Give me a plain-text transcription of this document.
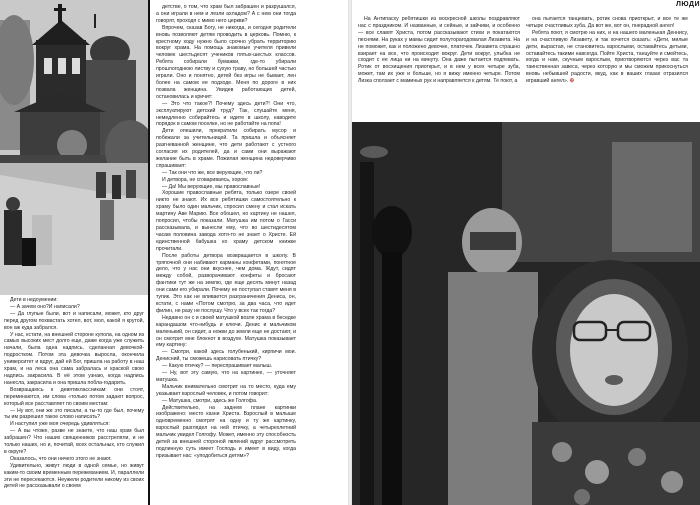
Дети в недоумении:

— А зачем оно?И написали?

— Да глупые были, вот и написали, может, кто друг перед другом похвастать хотел, вот, мол, какой я крутой, вон аж куда забрался.

У нас, кстати, на внешней стороне купола, на одном из самых высоких мест долго еще, даже когда уже служить начали, была одна надпись, сделанная девочкой-подростком. Потом эта девочка выросла, окончила университет и вдруг, дай ей Бог, пришла на работу в наш храм, и на леса она сама забралась и краской свою надпись закрасила. В её этом узнаю, когда надпись нанесла, закрасила и она пришла побла-годарить.

Возвращаюсь к девятиклассникам: они стоят, переминаются, им слова «только потом задают вопрос, который все расставляет по своим местам:

— Ну вот, они же это писали, а ты-то где был, почему ты им разрешил такое слово написать?

И наступил уже моя очередь удивляться:

— А вы чтоже, разве не знаете, что наш храм был забрашен? Что наших священников расстреляли, и не только наших, но и, почитай, всех остальных, кто служил в округе?

Оказалось, что они ничего этого не знают.

Удивительно, живут люди в одной семье, но живут каким-то своим временным пережеванием. И, параллели эти не пересекаются. Неужели родители никому из своих детей не рассказывали о своем

детстве, о том, что храм был забрашен и разрушался, а они играли в нем и лезли ахладом? А с нем они тогда говорят, проходя с мимо него церкви?

Впрочем, сказав Богу, не никогда, и сегодня родители вновь позволяют детям проводить в церковь. Помню, к крестному ходу нужно было срочно убрать территорию вокруг храма. На помощь знакомые учителя привели человек шестьдесят учеников пятых-шестых классов. Ребята собирали бумажки, где-то убирали прошлогоднюю листву и сухую траву, но большей частью играли. Оно и понятно, детей без игры не бывает, лен более на самом ее подходе. Меня по дороге в них позвала женщина. Увидев работающих детей, остановилась и кричит:

— Это что такое?! Почему здесь дети?! Они что, эксплуатируют детский труд? Так, слушайте меня, немедленно собирайтесь и идите в школу, наводите порядок в самом поселке, но не работайте на попа!

Дети опешили, прекратили собирать мусор и побежали за учительницей. Та пришла и объясняет разгневанной женщине, что дети работают с устного согласия их родителей, да и сами они выражают желание быть в храме. Пожилая женщина недоверчиво спрашивает:

— Так они что же, все верующие, что ли?

И детвора, не сговариваясь, хором:

— Да! Мы верующие, мы православные!

Хорошие православные ребята, только озере своей никто не знают. Их все ребятишки самостоятельно к храму было один мальчик, спросил смену и стал искать мартину Аве Марию. Все обошел, но картину не нашел, попросил, чтобы показали. Матушка им потом о Гасси рассказывала, и вынесли ему, что во шестидесятом часам половина завода хотя-то не знает о Христе. Ей единственной бабушка ко храму детском книжке прочитали.

После работы детвора возвращается в школу. В тряпочной они набивают карманы конфетами, понятное дело, что у нас они вкуснее, чем дома. Ждут, сидят между собой, разворачивают конфеты и бросают фантики тут же на землю, где еще десять минут назад они сами его убирали. Почему не поступал ставят меня в тупик. Это как не вливается разграничения Дениса, он, кстати, с нами «Потом смотрю, за два часа, что идет филин, не разу не послушу. Что у всех так тогда?

Недавно он с и своей матушкой возле храма в беседке карандашом что-нибудь и ключи. Денис и мальчиком маленький, он сидит, а ножки до земли еще не достают, и он смотрит мне блокнот в воздухе. Матушка показывает ему картину:

— Смотри, какой здесь голубенький, кирпичи мои. Денисний, ты сможешь нарисовать птичку?

— Какую птичку? — переспрашивает малыш.

— Ну, вот эту самую, что на картинке, — уточняет матушка.

Мальчик внимательно смотрит на то место, куда ему указывает взрослый человек, и потом говорит:

— Матушка, смотри, здесь же Голгофа.

Действительно, на заднем плане картинки изображено: место казни Христа. Взрослый в малыше одновременно смотрят на одну и ту же картинку, взрослый разглядел на ней птичку, а четырехлетний мальчик увидел Голгофу. Может, именно эту способность детей за внешней стороной явлений вдруг рассмотреть подлинную суть имеет Господь и имеет в виду, когда призывает нас: «уподобиться детям»?

ЛЮДИ

На Антипасху ребятишки из воскресной школы поздравляют нас с праздником. И названные, и сейные, и зайчики, и особенно — все славят Христа, потом рассказывают стихи и покатаются песнями. На руках у мамы сидит полуторагодовалая Лизавета. На не поможет, как и положено девочке, платочек. Лизавета страшно взирает на все, что происходит вокруг. Дети вокруг, улыбка не сходит с ее лица ни на минуту. Она даже пытается подпевать. Ротик от восхищения приоткрыт, и в нем у всех четыре зуба, может, там их уже и больше, но я вижу именно четыре. Потом Лизка сползает с маминых рук и направляется к детям. Те поют, а

она пытается танцевать, ротик снова приоткрыт, и все те же четыре счастливых зуба. Да вот же, вот он, пнерадной ангел!

Ребята поют, я смотрю на них, и на нашего маленькая Деннису, и на счастливую Лизавету, и так хочется сказать: «Дети, милые дети, вырастая, не становитесь взрослыми, оставайтесь детьми, оставайтесь такими навсегда. Пойте Христа, танцуйте и смейтесь, когда и нам, скучным взрослым, приотворяются через вас та таинственная завеса, через которую и мы сможем прикоснуться вновь небывшей радости, вкуд, как в ваших глазах отразился игравший ангел». ✠
